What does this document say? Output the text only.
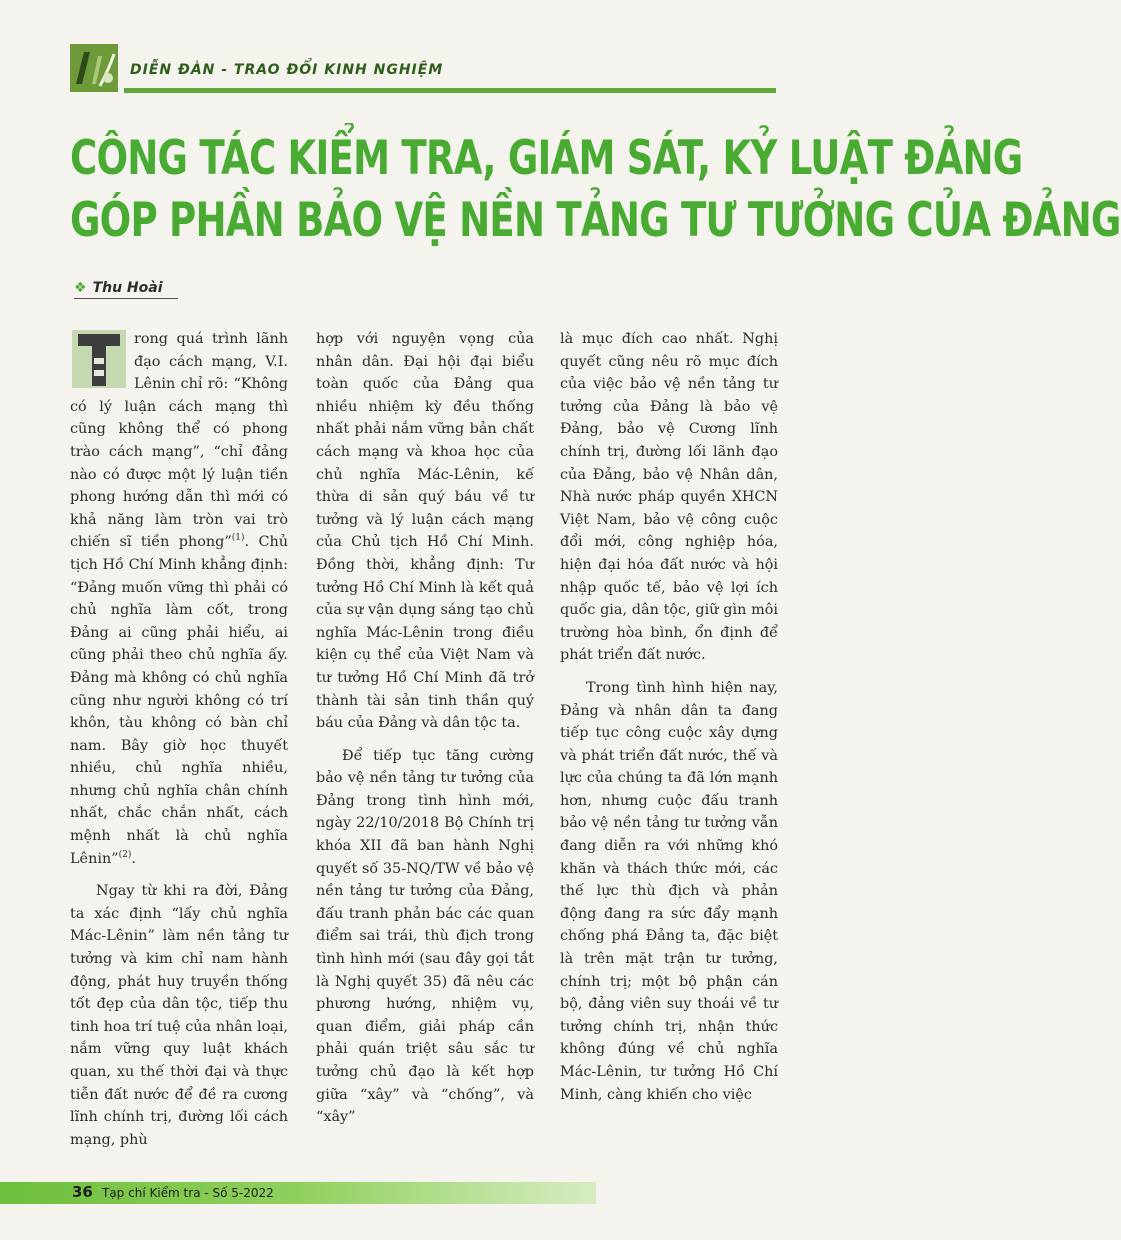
DIỄN ĐÀN - TRAO ĐỔI KINH NGHIỆM
CÔNG TÁC KIỂM TRA, GIÁM SÁT, KỶ LUẬT ĐẢNG
GÓP PHẦN BẢO VỆ NỀN TẢNG TƯ TƯỞNG CỦA ĐẢNG
❖ Thu Hoài

rong quá trình lãnh đạo cách mạng, V.I. Lênin chỉ rõ: “Không có lý luận cách mạng thì cũng không thể có phong trào cách mạng”, “chỉ đảng nào có được một lý luận tiền phong hướng dẫn thì mới có khả năng làm tròn vai trò chiến sĩ tiền phong”$^{(1)}$. Chủ tịch Hồ Chí Minh khẳng định: “Đảng muốn vững thì phải có chủ nghĩa làm cốt, trong Đảng ai cũng phải hiểu, ai cũng phải theo chủ nghĩa ấy. Đảng mà không có chủ nghĩa cũng như người không có trí khôn, tàu không có bàn chỉ nam. Bây giờ học thuyết nhiều, chủ nghĩa nhiều, nhưng chủ nghĩa chân chính nhất, chắc chắn nhất, cách mệnh nhất là chủ nghĩa Lênin”$^{(2)}$.

Ngay từ khi ra đời, Đảng ta xác định “lấy chủ nghĩa Mác-Lênin” làm nền tảng tư tưởng và kim chỉ nam hành động, phát huy truyền thống tốt đẹp của dân tộc, tiếp thu tinh hoa trí tuệ của nhân loại, nắm vững quy luật khách quan, xu thế thời đại và thực tiễn đất nước để đề ra cương lĩnh chính trị, đường lối cách mạng, phù

hợp với nguyện vọng của nhân dân. Đại hội đại biểu toàn quốc của Đảng qua nhiều nhiệm kỳ đều thống nhất phải nắm vững bản chất cách mạng và khoa học của chủ nghĩa Mác-Lênin, kế thừa di sản quý báu về tư tưởng và lý luận cách mạng của Chủ tịch Hồ Chí Minh. Đồng thời, khẳng định: Tư tưởng Hồ Chí Minh là kết quả của sự vận dụng sáng tạo chủ nghĩa Mác-Lênin trong điều kiện cụ thể của Việt Nam và tư tưởng Hồ Chí Minh đã trở thành tài sản tinh thần quý báu của Đảng và dân tộc ta.

Để tiếp tục tăng cường bảo vệ nền tảng tư tưởng của Đảng trong tình hình mới, ngày 22/10/2018 Bộ Chính trị khóa XII đã ban hành Nghị quyết số 35-NQ/TW về bảo vệ nền tảng tư tưởng của Đảng, đấu tranh phản bác các quan điểm sai trái, thù địch trong tình hình mới (sau đây gọi tắt là Nghị quyết 35) đã nêu các phương hướng, nhiệm vụ, quan điểm, giải pháp cần phải quán triệt sâu sắc tư tưởng chủ đạo là kết hợp giữa “xây” và “chống”, và “xây”

là mục đích cao nhất. Nghị quyết cũng nêu rõ mục đích của việc bảo vệ nền tảng tư tưởng của Đảng là bảo vệ Đảng, bảo vệ Cương lĩnh chính trị, đường lối lãnh đạo của Đảng, bảo vệ Nhân dân, Nhà nước pháp quyền XHCN Việt Nam, bảo vệ công cuộc đổi mới, công nghiệp hóa, hiện đại hóa đất nước và hội nhập quốc tế, bảo vệ lợi ích quốc gia, dân tộc, giữ gìn môi trường hòa bình, ổn định để phát triển đất nước.

Trong tình hình hiện nay, Đảng và nhân dân ta đang tiếp tục công cuộc xây dựng và phát triển đất nước, thế và lực của chúng ta đã lớn mạnh hơn, nhưng cuộc đấu tranh bảo vệ nền tảng tư tưởng vẫn đang diễn ra với những khó khăn và thách thức mới, các thế lực thù địch và phản động đang ra sức đẩy mạnh chống phá Đảng ta, đặc biệt là trên mặt trận tư tưởng, chính trị; một bộ phận cán bộ, đảng viên suy thoái về tư tưởng chính trị, nhận thức không đúng về chủ nghĩa Mác-Lênin, tư tưởng Hồ Chí Minh, càng khiến cho việc

36 Tạp chí Kiểm tra - Số 5-2022
